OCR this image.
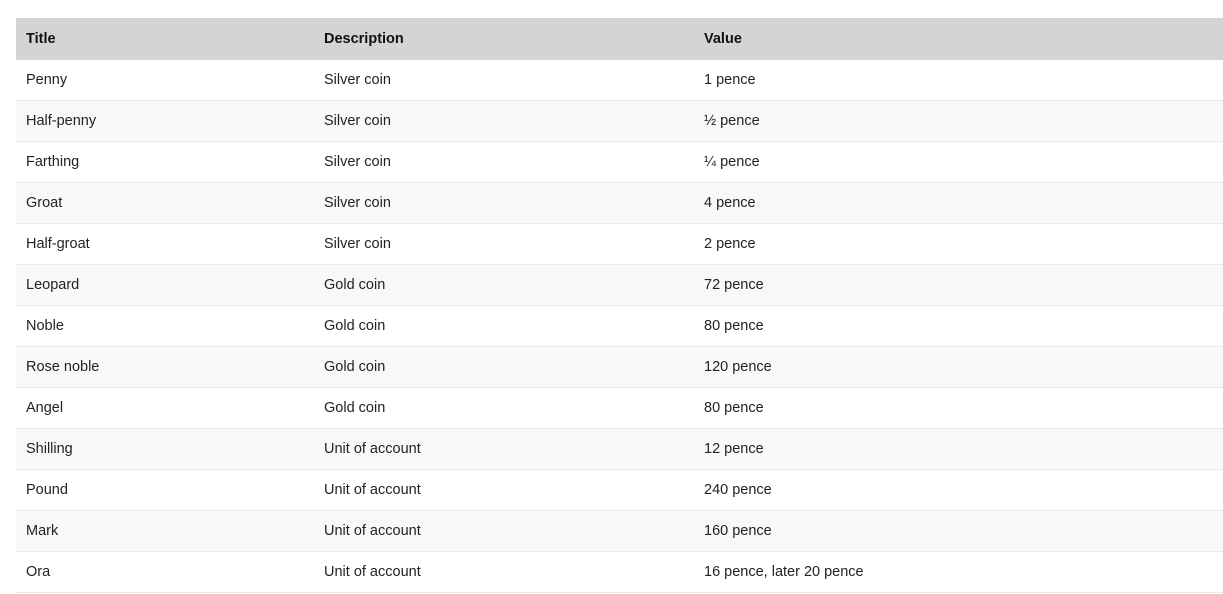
Title	Description	Value
Penny	Silver coin	1 pence
Half-penny	Silver coin	½ pence
Farthing	Silver coin	¼ pence
Groat	Silver coin	4 pence
Half-groat	Silver coin	2 pence
Leopard	Gold coin	72 pence
Noble	Gold coin	80 pence
Rose noble	Gold coin	120 pence
Angel	Gold coin	80 pence
Shilling	Unit of account	12 pence
Pound	Unit of account	240 pence
Mark	Unit of account	160 pence
Ora	Unit of account	16 pence, later 20 pence
